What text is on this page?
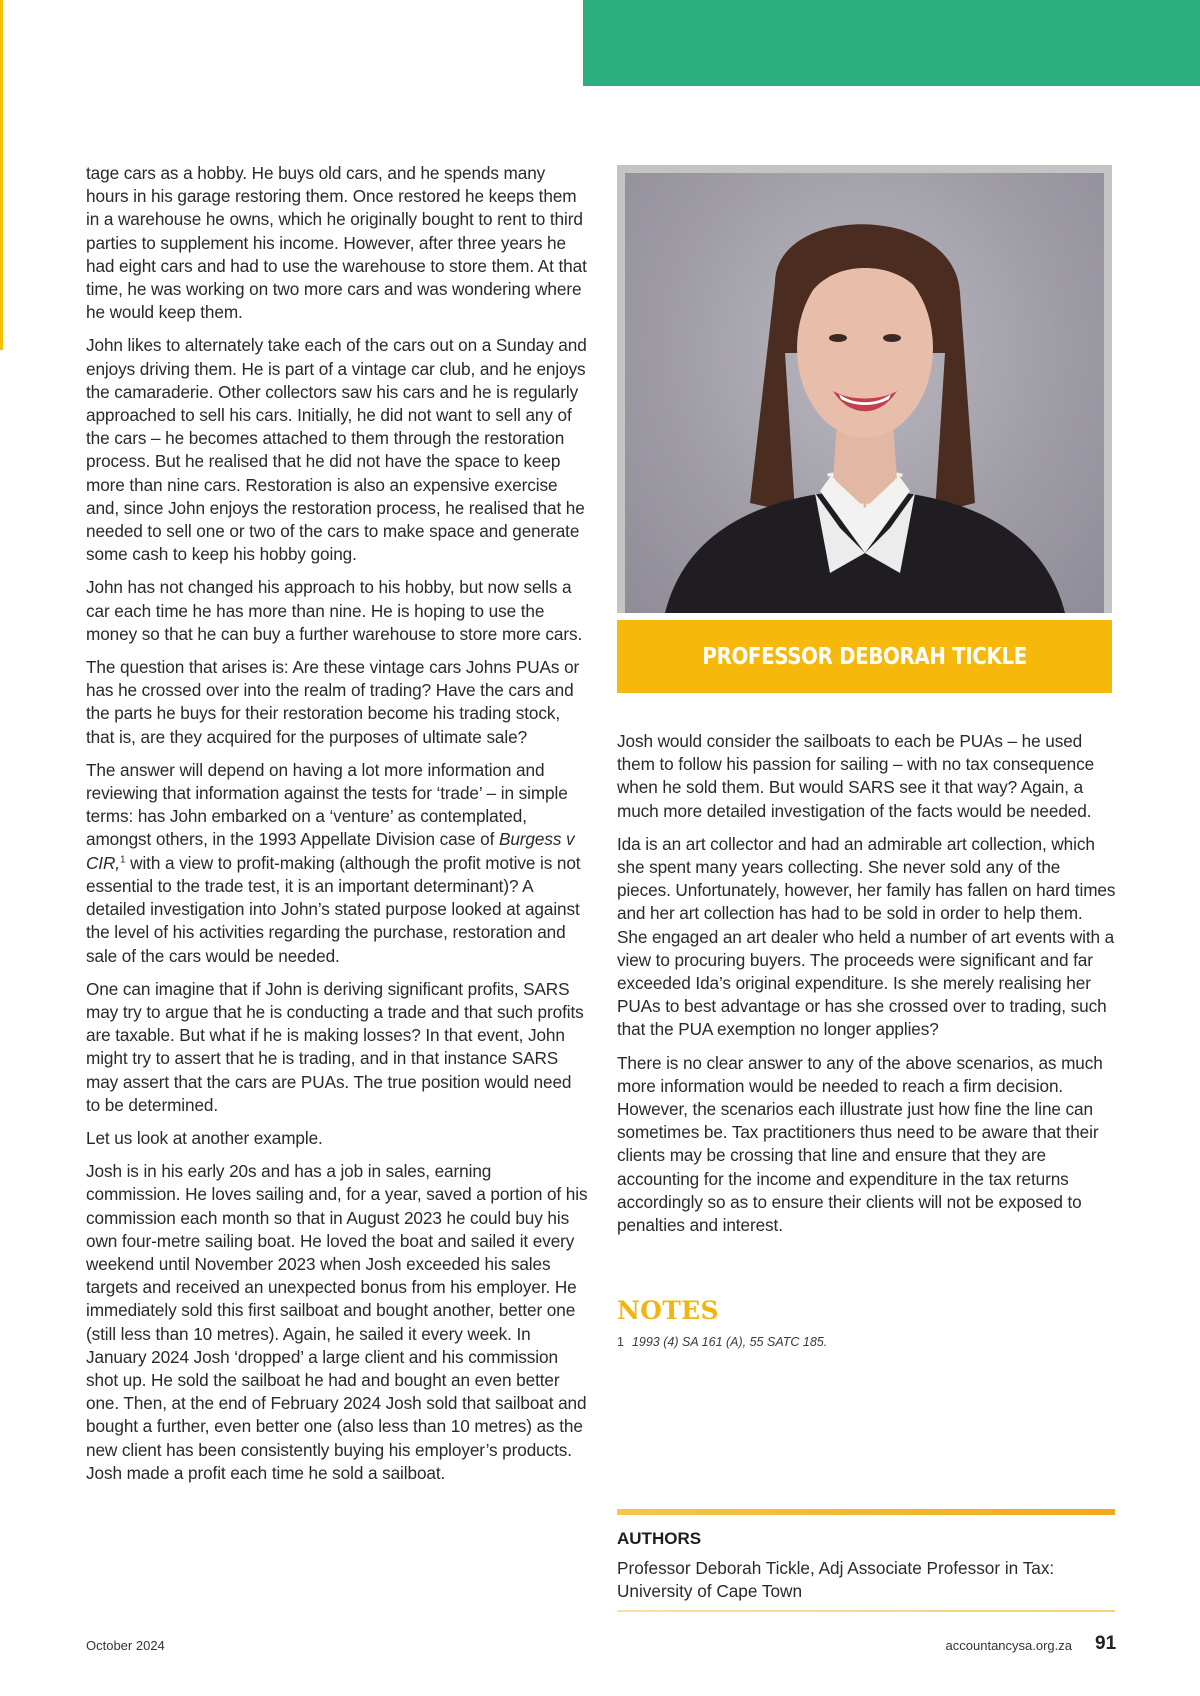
tage cars as a hobby. He buys old cars, and he spends many hours in his garage restoring them. Once restored he keeps them in a warehouse he owns, which he originally bought to rent to third parties to supplement his income. However, after three years he had eight cars and had to use the warehouse to store them. At that time, he was working on two more cars and was wondering where he would keep them.

John likes to alternately take each of the cars out on a Sunday and enjoys driving them. He is part of a vintage car club, and he enjoys the camaraderie. Other collectors saw his cars and he is regularly approached to sell his cars. Initially, he did not want to sell any of the cars – he becomes attached to them through the restoration process. But he realised that he did not have the space to keep more than nine cars. Restoration is also an expensive exercise and, since John enjoys the restoration process, he realised that he needed to sell one or two of the cars to make space and generate some cash to keep his hobby going.

John has not changed his approach to his hobby, but now sells a car each time he has more than nine. He is hoping to use the money so that he can buy a further warehouse to store more cars.

The question that arises is: Are these vintage cars Johns PUAs or has he crossed over into the realm of trading? Have the cars and the parts he buys for their restoration become his trading stock, that is, are they acquired for the purposes of ultimate sale?

The answer will depend on having a lot more information and reviewing that information against the tests for ‘trade’ – in simple terms: has John embarked on a ‘venture’ as contemplated, amongst others, in the 1993 Appellate Division case of Burgess v CIR,$^1$ with a view to profit-making (although the profit motive is not essential to the trade test, it is an important determinant)? A detailed investigation into John’s stated purpose looked at against the level of his activities regarding the purchase, restoration and sale of the cars would be needed.

One can imagine that if John is deriving significant profits, SARS may try to argue that he is conducting a trade and that such profits are taxable. But what if he is making losses? In that event, John might try to assert that he is trading, and in that instance SARS may assert that the cars are PUAs. The true position would need to be determined.

Let us look at another example.

Josh is in his early 20s and has a job in sales, earning commission. He loves sailing and, for a year, saved a portion of his commission each month so that in August 2023 he could buy his own four-metre sailing boat. He loved the boat and sailed it every weekend until November 2023 when Josh exceeded his sales targets and received an unexpected bonus from his employer. He immediately sold this first sailboat and bought another, better one (still less than 10 metres). Again, he sailed it every week. In January 2024 Josh ‘dropped’ a large client and his commission shot up. He sold the sailboat he had and bought an even better one. Then, at the end of February 2024 Josh sold that sailboat and bought a further, even better one (also less than 10 metres) as the new client has been consistently buying his employer’s products. Josh made a profit each time he sold a sailboat.

PROFESSOR DEBORAH TICKLE

Josh would consider the sailboats to each be PUAs – he used them to follow his passion for sailing – with no tax consequence when he sold them. But would SARS see it that way? Again, a much more detailed investigation of the facts would be needed.

Ida is an art collector and had an admirable art collection, which she spent many years collecting. She never sold any of the pieces. Unfortunately, however, her family has fallen on hard times and her art collection has had to be sold in order to help them. She engaged an art dealer who held a number of art events with a view to procuring buyers. The proceeds were significant and far exceeded Ida’s original expenditure. Is she merely realising her PUAs to best advantage or has she crossed over to trading, such that the PUA exemption no longer applies?

There is no clear answer to any of the above scenarios, as much more information would be needed to reach a firm decision. However, the scenarios each illustrate just how fine the line can sometimes be. Tax practitioners thus need to be aware that their clients may be crossing that line and ensure that they are accounting for the income and expenditure in the tax returns accordingly so as to ensure their clients will not be exposed to penalties and interest.

NOTES
1 1993 (4) SA 161 (A), 55 SATC 185.
AUTHORS
Professor Deborah Tickle, Adj Associate Professor in Tax: University of Cape Town
October 2024	accountancysa.org.za 91
